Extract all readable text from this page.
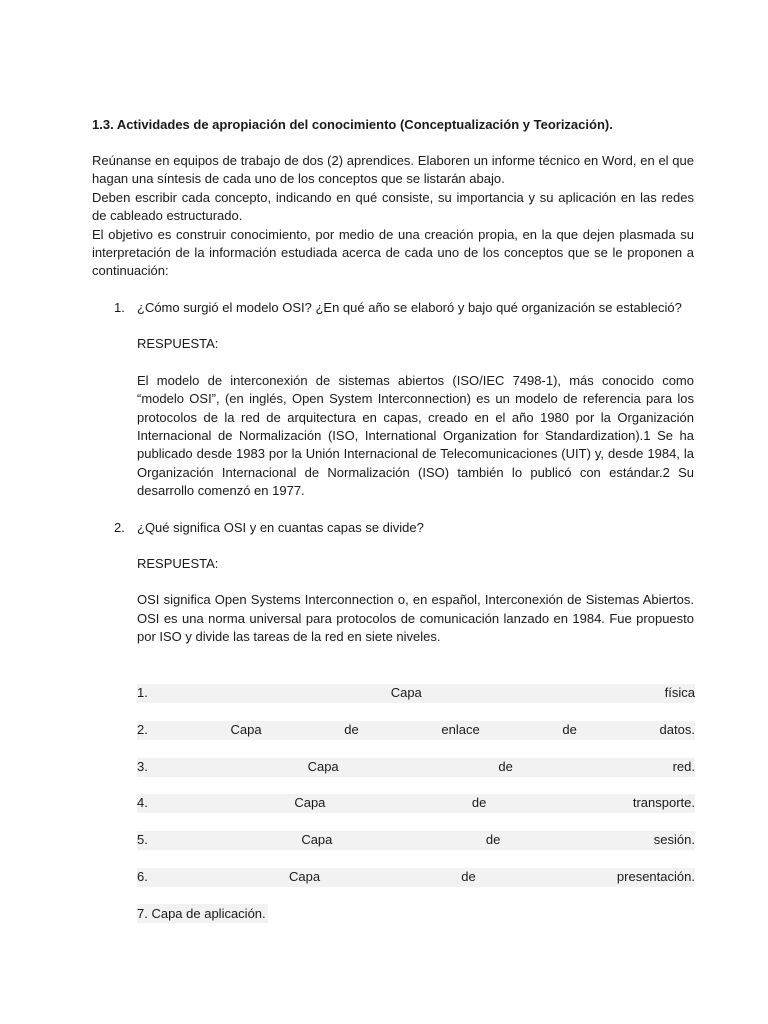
1.3. Actividades de apropiación del conocimiento (Conceptualización y Teorización).

Reúnanse en equipos de trabajo de dos (2) aprendices. Elaboren un informe técnico en Word, en el que hagan una síntesis de cada uno de los conceptos que se listarán abajo.

Deben escribir cada concepto, indicando en qué consiste, su importancia y su aplicación en las redes de cableado estructurado.

El objetivo es construir conocimiento, por medio de una creación propia, en la que dejen plasmada su interpretación de la información estudiada acerca de cada uno de los conceptos que se le proponen a continuación:

1. ¿Cómo surgió el modelo OSI? ¿En qué año se elaboró y bajo qué organización se estableció?

RESPUESTA:

El modelo de interconexión de sistemas abiertos (ISO/IEC 7498-1), más conocido como “modelo OSI”, (en inglés, Open System Interconnection) es un modelo de referencia para los protocolos de la red de arquitectura en capas, creado en el año 1980 por la Organización Internacional de Normalización (ISO, International Organization for Standardization).1 Se ha publicado desde 1983 por la Unión Internacional de Telecomunicaciones (UIT) y, desde 1984, la Organización Internacional de Normalización (ISO) también lo publicó con estándar.2 Su desarrollo comenzó en 1977.

2. ¿Qué significa OSI y en cuantas capas se divide?

RESPUESTA:

OSI significa Open Systems Interconnection o, en español, Interconexión de Sistemas Abiertos. OSI es una norma universal para protocolos de comunicación lanzado en 1984. Fue propuesto por ISO y divide las tareas de la red en siete niveles.

1.	Capa	física
2.	Capa	de	enlace	de	datos.
3.	Capa	de	red.
4.	Capa	de	transporte.
5.	Capa	de	sesión.
6.	Capa	de	presentación.
7. Capa de aplicación.
